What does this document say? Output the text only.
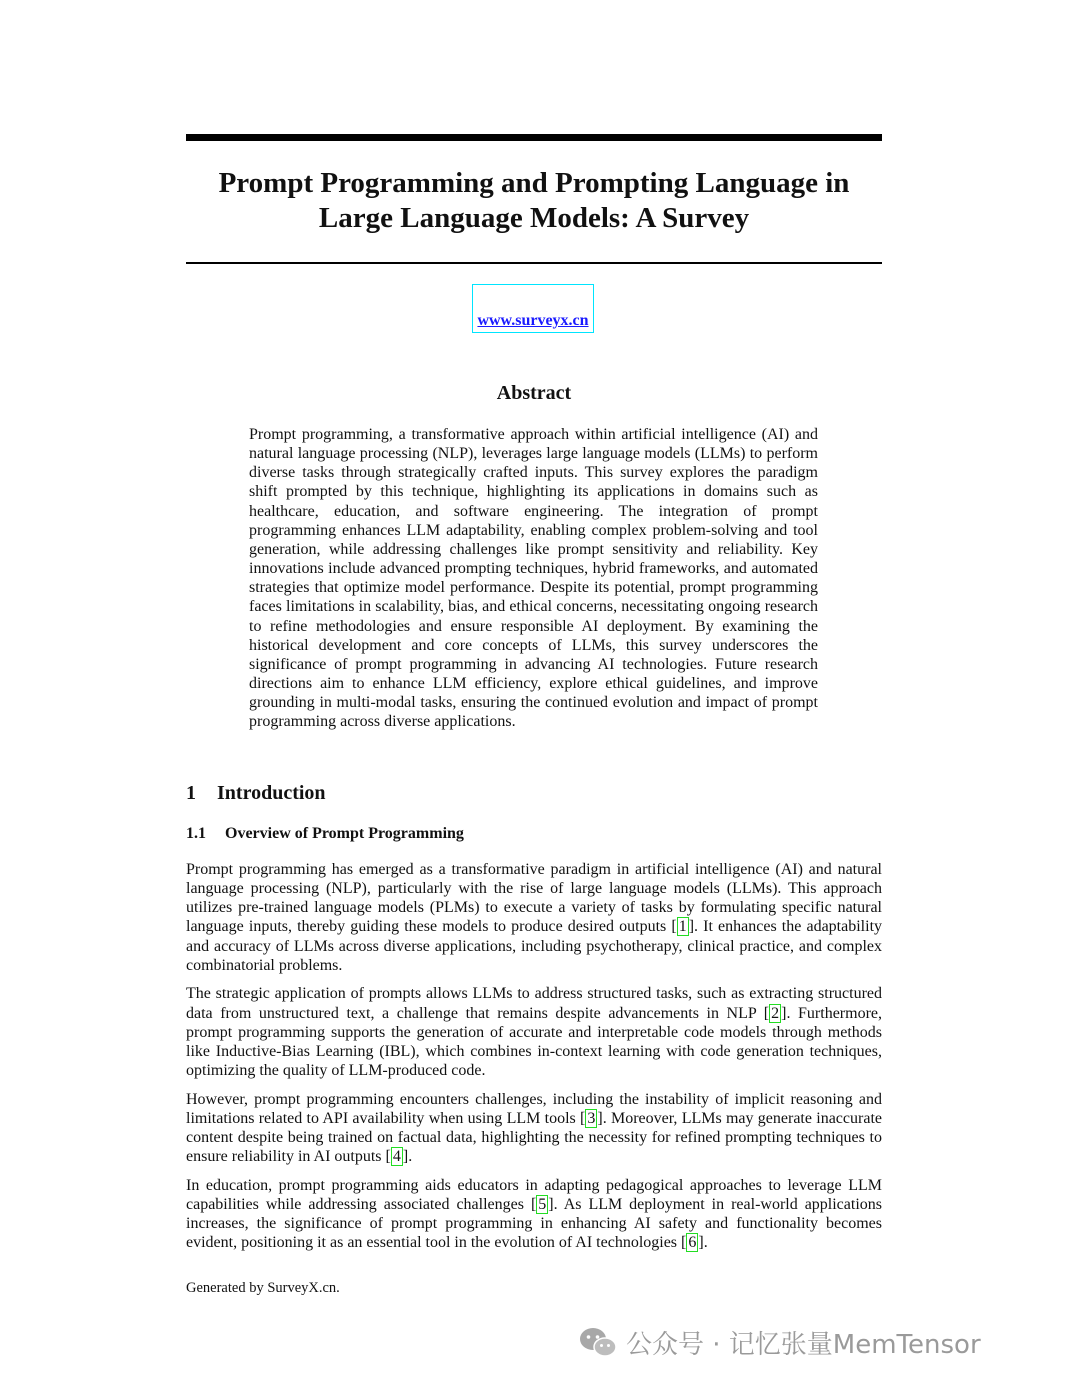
Prompt Programming and Prompting Language in
Large Language Models: A Survey
www.surveyx.cn
Abstract

Prompt programming, a transformative approach within artificial intelligence (AI) and natural language processing (NLP), leverages large language models (LLMs) to perform diverse tasks through strategically crafted inputs. This survey explores the paradigm shift prompted by this technique, highlighting its applications in domains such as healthcare, education, and software engineering. The integration of prompt programming enhances LLM adaptability, enabling complex problem-solving and tool generation, while addressing challenges like prompt sensitivity and reliability. Key innovations include advanced prompting techniques, hybrid frameworks, and automated strategies that optimize model performance. Despite its potential, prompt programming faces limitations in scalability, bias, and ethical concerns, necessitating ongoing research to refine methodologies and ensure responsible AI deployment. By examining the historical development and core concepts of LLMs, this survey underscores the significance of prompt programming in advancing AI technologies. Future research directions aim to enhance LLM efficiency, explore ethical guidelines, and improve grounding in multi-modal tasks, ensuring the continued evolution and impact of prompt programming across diverse applications.

1 Introduction
1.1 Overview of Prompt Programming

Prompt programming has emerged as a transformative paradigm in artificial intelligence (AI) and natural language processing (NLP), particularly with the rise of large language models (LLMs). This approach utilizes pre-trained language models (PLMs) to execute a variety of tasks by formulating specific natural language inputs, thereby guiding these models to produce desired outputs [ 1 ]. It enhances the adaptability and accuracy of LLMs across diverse applications, including psychotherapy, clinical practice, and complex combinatorial problems.

The strategic application of prompts allows LLMs to address structured tasks, such as extracting structured data from unstructured text, a challenge that remains despite advancements in NLP [ 2 ]. Furthermore, prompt programming supports the generation of accurate and interpretable code models through methods like Inductive-Bias Learning (IBL), which combines in-context learning with code generation techniques, optimizing the quality of LLM-produced code.

However, prompt programming encounters challenges, including the instability of implicit reasoning and limitations related to API availability when using LLM tools [ 3 ]. Moreover, LLMs may generate inaccurate content despite being trained on factual data, highlighting the necessity for refined prompting techniques to ensure reliability in AI outputs [ 4 ].

In education, prompt programming aids educators in adapting pedagogical approaches to leverage LLM capabilities while addressing associated challenges [ 5 ]. As LLM deployment in real-world applications increases, the significance of prompt programming in enhancing AI safety and functionality becomes evident, positioning it as an essential tool in the evolution of AI technologies [ 6 ].

Generated by SurveyX.cn.

公众号 · 记忆张量MemTensor
